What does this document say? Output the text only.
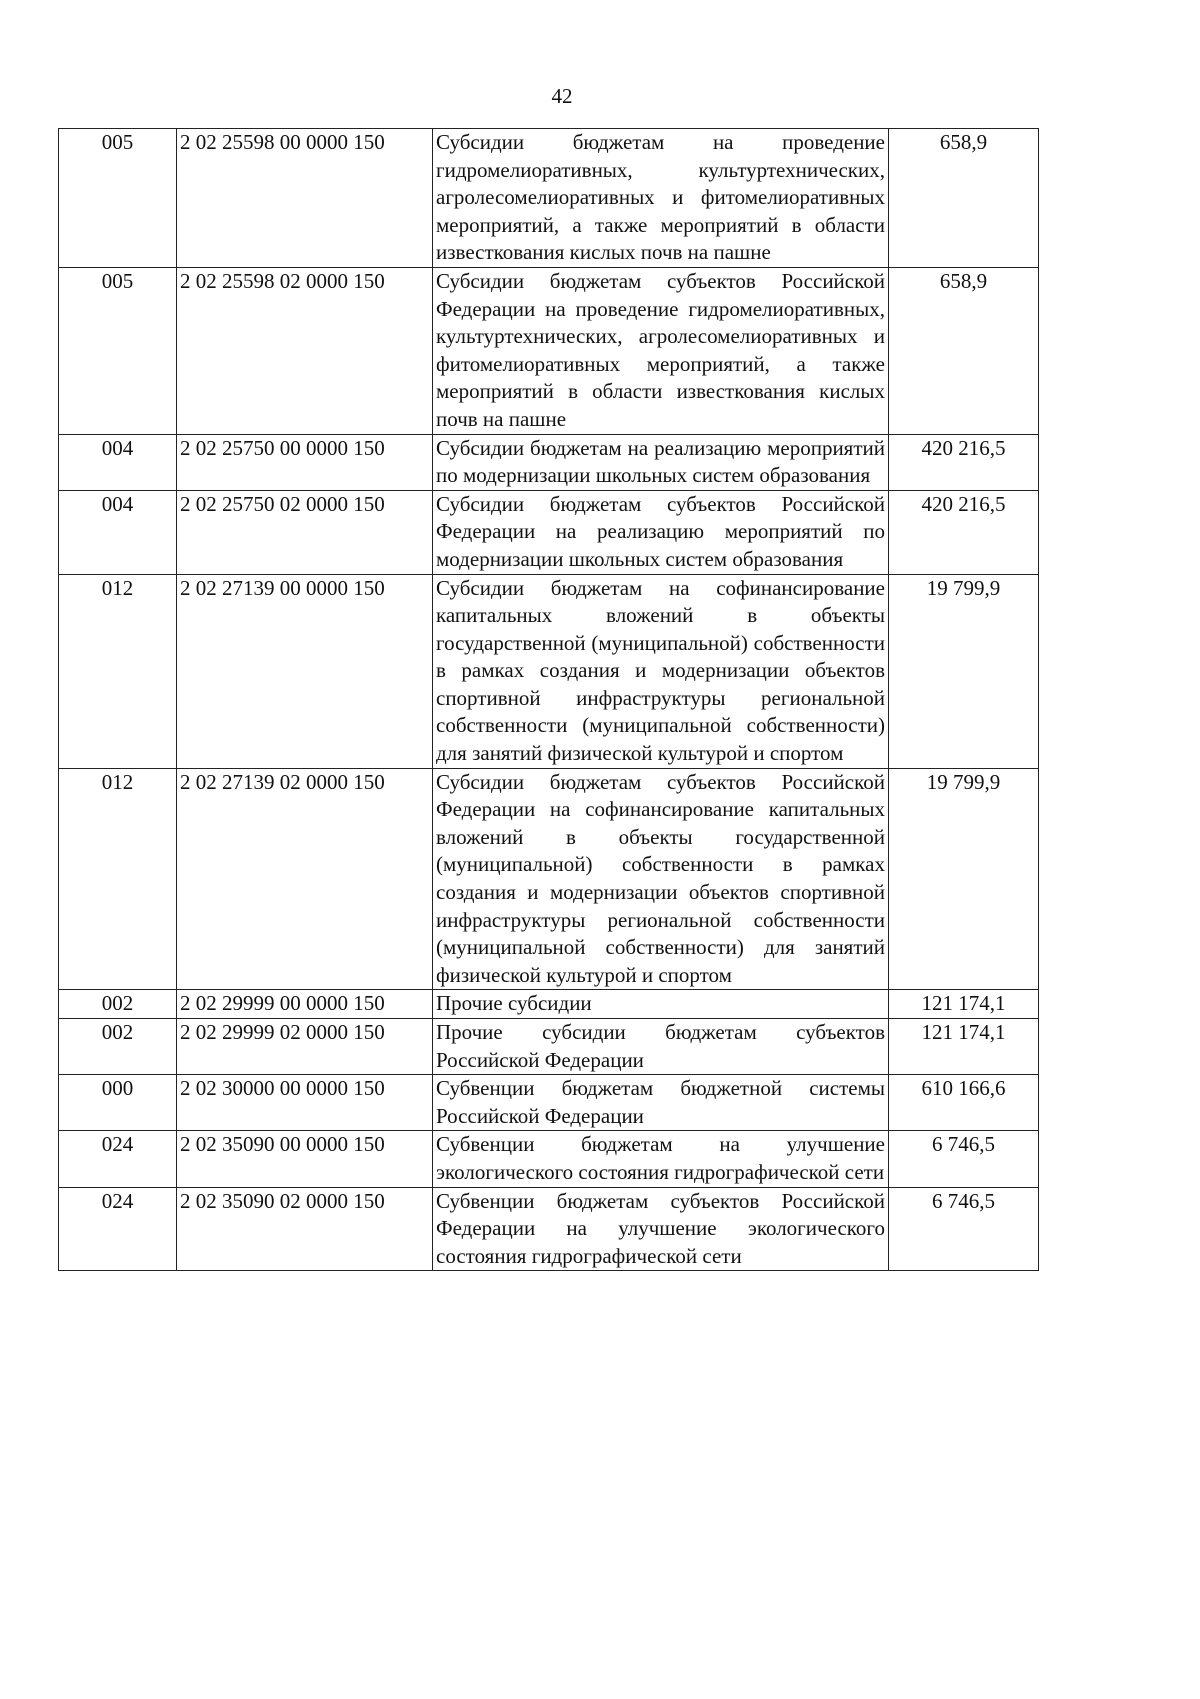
42
005	2 02 25598 00 0000 150	Субсидии бюджетам на проведение гидромелиоративных, культуртехнических, агролесомелиоративных и фитомелиоративных мероприятий, а также мероприятий в области известкования кислых почв на пашне	658,9
005	2 02 25598 02 0000 150	Субсидии бюджетам субъектов Российской Федерации на проведение гидромелиоративных, культуртехнических, агролесомелиоративных и фитомелиоративных мероприятий, а также мероприятий в области известкования кислых почв на пашне	658,9
004	2 02 25750 00 0000 150	Субсидии бюджетам на реализацию мероприятий по модернизации школьных систем образования	420 216,5
004	2 02 25750 02 0000 150	Субсидии бюджетам субъектов Российской Федерации на реализацию мероприятий по модернизации школьных систем образования	420 216,5
012	2 02 27139 00 0000 150	Субсидии бюджетам на софинансирование капитальных вложений в объекты государственной (муниципальной) собственности в рамках создания и модернизации объектов спортивной инфраструктуры региональной собственности (муниципальной собственности) для занятий физической культурой и спортом	19 799,9
012	2 02 27139 02 0000 150	Субсидии бюджетам субъектов Российской Федерации на софинансирование капитальных вложений в объекты государственной (муниципальной) собственности в рамках создания и модернизации объектов спортивной инфраструктуры региональной собственности (муниципальной собственности) для занятий физической культурой и спортом	19 799,9
002	2 02 29999 00 0000 150	Прочие субсидии	121 174,1
002	2 02 29999 02 0000 150	Прочие субсидии бюджетам субъектов Российской Федерации	121 174,1
000	2 02 30000 00 0000 150	Субвенции бюджетам бюджетной системы Российской Федерации	610 166,6
024	2 02 35090 00 0000 150	Субвенции бюджетам на улучшение экологического состояния гидрографической сети	6 746,5
024	2 02 35090 02 0000 150	Субвенции бюджетам субъектов Российской Федерации на улучшение экологического состояния гидрографической сети	6 746,5
